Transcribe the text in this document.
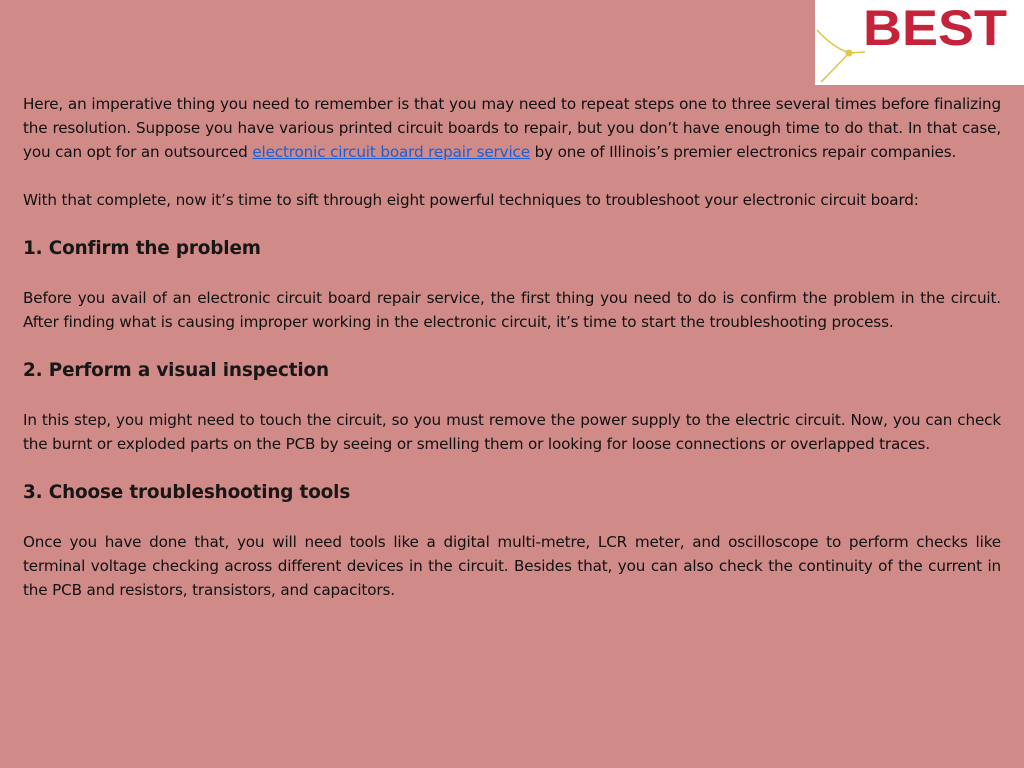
BEST

Here, an imperative thing you need to remember is that you may need to repeat steps one to three several times before finalizing the resolution. Suppose you have various printed circuit boards to repair, but you don’t have enough time to do that. In that case, you can opt for an outsourced electronic circuit board repair service by one of Illinois’s premier electronics repair companies.

With that complete, now it’s time to sift through eight powerful techniques to troubleshoot your electronic circuit board:

1. Confirm the problem

Before you avail of an electronic circuit board repair service, the first thing you need to do is confirm the problem in the circuit. After finding what is causing improper working in the electronic circuit, it’s time to start the troubleshooting process.

2. Perform a visual inspection

In this step, you might need to touch the circuit, so you must remove the power supply to the electric circuit. Now, you can check the burnt or exploded parts on the PCB by seeing or smelling them or looking for loose connections or overlapped traces.

3. Choose troubleshooting tools

Once you have done that, you will need tools like a digital multi-metre, LCR meter, and oscilloscope to perform checks like terminal voltage checking across different devices in the circuit. Besides that, you can also check the continuity of the current in the PCB and resistors, transistors, and capacitors.
